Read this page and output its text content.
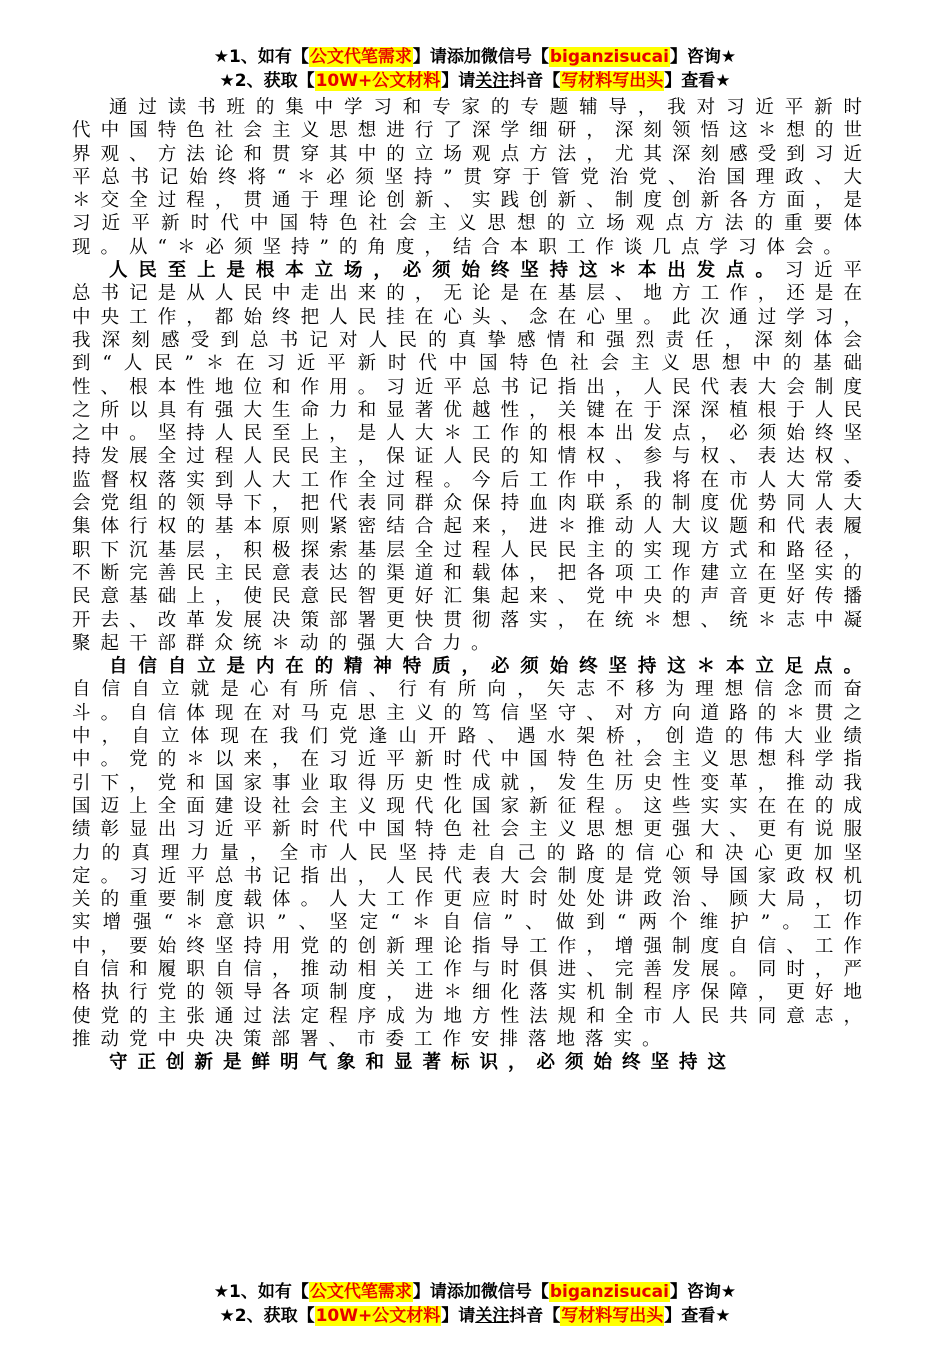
★1、如有【公文代笔需求】请添加微信号【biganzisucai】咨询★
★2、获取【10W+公文材料】请关注抖音【写材料写出头】查看★

通过读书班的集中学习和专家的专题辅导，我对习近平新时代中国特色社会主义思想进行了深学细研，深刻领悟这＊想的世界观、方法论和贯穿其中的立场观点方法，尤其深刻感受到习近平总书记始终将“＊必须坚持”贯穿于管党治党、治国理政、大＊交全过程，贯通于理论创新、实践创新、制度创新各方面，是习近平新时代中国特色社会主义思想的立场观点方法的重要体现。从“＊必须坚持”的角度，结合本职工作谈几点学习体会。

人民至上是根本立场，必须始终坚持这＊本出发点。习近平总书记是从人民中走出来的，无论是在基层、地方工作，还是在中央工作，都始终把人民挂在心头、念在心里。此次通过学习，我深刻感受到总书记对人民的真挚感情和强烈责任，深刻体会到“人民”＊在习近平新时代中国特色社会主义思想中的基础性、根本性地位和作用。习近平总书记指出，人民代表大会制度之所以具有强大生命力和显著优越性，关键在于深深植根于人民之中。坚持人民至上，是人大＊工作的根本出发点，必须始终坚持发展全过程人民民主，保证人民的知情权、参与权、表达权、监督权落实到人大工作全过程。今后工作中，我将在市人大常委会党组的领导下，把代表同群众保持血肉联系的制度优势同人大集体行权的基本原则紧密结合起来，进＊推动人大议题和代表履职下沉基层，积极探索基层全过程人民民主的实现方式和路径，不断完善民主民意表达的渠道和载体，把各项工作建立在坚实的民意基础上，使民意民智更好汇集起来、党中央的声音更好传播开去、改革发展决策部署更快贯彻落实，在统＊想、统＊志中凝聚起干部群众统＊动的强大合力。

自信自立是内在的精神特质，必须始终坚持这＊本立足点。自信自立就是心有所信、行有所向，矢志不移为理想信念而奋斗。自信体现在对马克思主义的笃信坚守、对方向道路的＊贯之中，自立体现在我们党逢山开路、遇水架桥，创造的伟大业绩中。党的＊以来，在习近平新时代中国特色社会主义思想科学指引下，党和国家事业取得历史性成就，发生历史性变革，推动我国迈上全面建设社会主义现代化国家新征程。这些实实在在的成绩彰显出习近平新时代中国特色社会主义思想更强大、更有说服力的真理力量，全市人民坚持走自己的路的信心和决心更加坚定。习近平总书记指出，人民代表大会制度是党领导国家政权机关的重要制度载体。人大工作更应时时处处讲政治、顾大局，切实增强“＊意识”、坚定“＊自信”、做到“两个维护”。工作中，要始终坚持用党的创新理论指导工作，增强制度自信、工作自信和履职自信，推动相关工作与时俱进、完善发展。同时，严格执行党的领导各项制度，进＊细化落实机制程序保障，更好地使党的主张通过法定程序成为地方性法规和全市人民共同意志，推动党中央决策部署、市委工作安排落地落实。

守正创新是鲜明气象和显著标识，必须始终坚持这

★1、如有【公文代笔需求】请添加微信号【biganzisucai】咨询★
★2、获取【10W+公文材料】请关注抖音【写材料写出头】查看★
